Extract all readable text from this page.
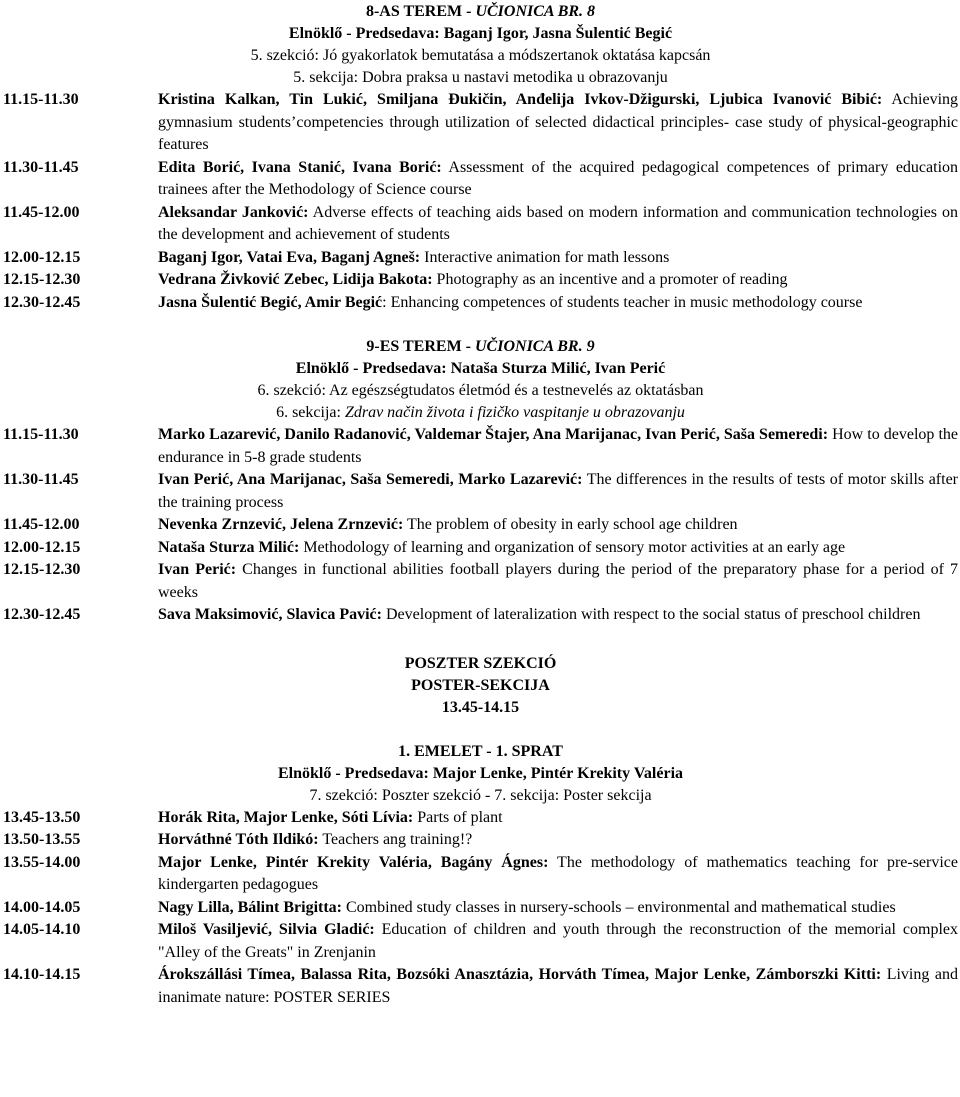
8-AS TEREM - UČIONICA BR. 8
Elnöklő - Predsedava: Baganj Igor, Jasna Šulentić Begić
5. szekció: Jó gyakorlatok bemutatása a módszertanok oktatása kapcsán
5. sekcija: Dobra praksa u nastavi metodika u obrazovanju
11.15-11.30	Kristina Kalkan, Tin Lukić, Smiljana Đukičin, Anđelija Ivkov-Džigurski, Ljubica Ivanović Bibić: Achieving gymnasium students’competencies through utilization of selected didactical principles- case study of physical-geographic features
11.30-11.45	Edita Borić, Ivana Stanić, Ivana Borić: Assessment of the acquired pedagogical competences of primary education trainees after the Methodology of Science course
11.45-12.00	Aleksandar Janković: Adverse effects of teaching aids based on modern information and communication technologies on the development and achievement of students
12.00-12.15	Baganj Igor, Vatai Eva, Baganj Agneš: Interactive animation for math lessons
12.15-12.30	Vedrana Živković Zebec, Lidija Bakota: Photography as an incentive and a promoter of reading
12.30-12.45	Jasna Šulentić Begić, Amir Begić: Enhancing competences of students teacher in music methodology course
9-ES TEREM - UČIONICA BR. 9
Elnöklő - Predsedava: Nataša Sturza Milić, Ivan Perić
6. szekció: Az egészségtudatos életmód és a testnevelés az oktatásban
6. sekcija: Zdrav način života i fizičko vaspitanje u obrazovanju
11.15-11.30	Marko Lazarević, Danilo Radanović, Valdemar Štajer, Ana Marijanac, Ivan Perić, Saša Semeredi: How to develop the endurance in 5-8 grade students
11.30-11.45	Ivan Perić, Ana Marijanac, Saša Semeredi, Marko Lazarević: The differences in the results of tests of motor skills after the training process
11.45-12.00	Nevenka Zrnzević, Jelena Zrnzević: The problem of obesity in early school age children
12.00-12.15	Nataša Sturza Milić: Methodology of learning and organization of sensory motor activities at an early age
12.15-12.30	Ivan Perić: Changes in functional abilities football players during the period of the preparatory phase for a period of 7 weeks
12.30-12.45	Sava Maksimović, Slavica Pavić: Development of lateralization with respect to the social status of preschool children
POSZTER SZEKCIÓ
POSTER-SEKCIJA
13.45-14.15
1. EMELET - 1. SPRAT
Elnöklő - Predsedava: Major Lenke, Pintér Krekity Valéria
7. szekció: Poszter szekció - 7. sekcija: Poster sekcija
13.45-13.50	Horák Rita, Major Lenke, Sóti Lívia: Parts of plant
13.50-13.55	Horváthné Tóth Ildikó: Teachers ang training!?
13.55-14.00	Major Lenke, Pintér Krekity Valéria, Bagány Ágnes: The methodology of mathematics teaching for pre-service kindergarten pedagogues
14.00-14.05	Nagy Lilla, Bálint Brigitta: Combined study classes in nursery-schools – environmental and mathematical studies
14.05-14.10	Miloš Vasiljević, Silvia Gladić: Education of children and youth through the reconstruction of the memorial complex "Alley of the Greats" in Zrenjanin
14.10-14.15	Árokszállási Tímea, Balassa Rita, Bozsóki Anasztázia, Horváth Tímea, Major Lenke, Zámborszki Kitti: Living and inanimate nature: POSTER SERIES
